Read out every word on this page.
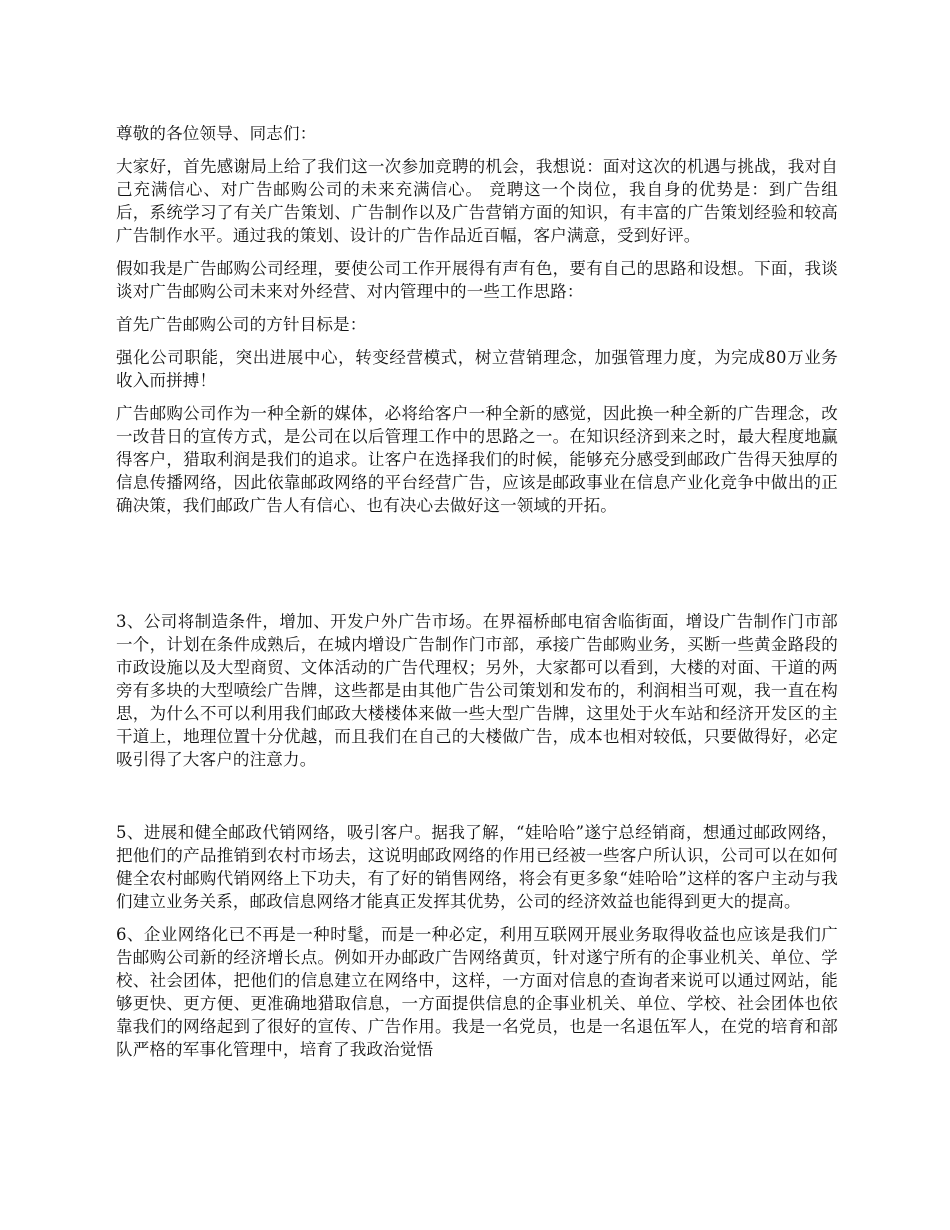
尊敬的各位领导、同志们：

大家好，首先感谢局上给了我们这一次参加竞聘的机会，我想说：面对这次的机遇与挑战，我对自己充满信心、对广告邮购公司的未来充满信心。 竞聘这一个岗位，我自身的优势是：到广告组后，系统学习了有关广告策划、广告制作以及广告营销方面的知识，有丰富的广告策划经验和较高广告制作水平。通过我的策划、设计的广告作品近百幅，客户满意，受到好评。

假如我是广告邮购公司经理，要使公司工作开展得有声有色，要有自己的思路和设想。下面，我谈谈对广告邮购公司未来对外经营、对内管理中的一些工作思路：

首先广告邮购公司的方针目标是：

强化公司职能，突出进展中心，转变经营模式，树立营销理念，加强管理力度，为完成80万业务收入而拼搏！

广告邮购公司作为一种全新的媒体，必将给客户一种全新的感觉，因此换一种全新的广告理念，改一改昔日的宣传方式，是公司在以后管理工作中的思路之一。在知识经济到来之时，最大程度地赢得客户，猎取利润是我们的追求。让客户在选择我们的时候，能够充分感受到邮政广告得天独厚的信息传播网络，因此依靠邮政网络的平台经营广告，应该是邮政事业在信息产业化竞争中做出的正确决策，我们邮政广告人有信心、也有决心去做好这一领域的开拓。

3、公司将制造条件，增加、开发户外广告市场。在界福桥邮电宿舍临街面，增设广告制作门市部一个，计划在条件成熟后，在城内增设广告制作门市部，承接广告邮购业务，买断一些黄金路段的市政设施以及大型商贸、文体活动的广告代理权；另外，大家都可以看到，大楼的对面、干道的两旁有多块的大型喷绘广告牌，这些都是由其他广告公司策划和发布的，利润相当可观，我一直在构思，为什么不可以利用我们邮政大楼楼体来做一些大型广告牌，这里处于火车站和经济开发区的主干道上，地理位置十分优越，而且我们在自己的大楼做广告，成本也相对较低，只要做得好，必定吸引得了大客户的注意力。

5、进展和健全邮政代销网络，吸引客户。据我了解，“娃哈哈”遂宁总经销商，想通过邮政网络，把他们的产品推销到农村市场去，这说明邮政网络的作用已经被一些客户所认识，公司可以在如何健全农村邮购代销网络上下功夫，有了好的销售网络，将会有更多象“娃哈哈”这样的客户主动与我们建立业务关系，邮政信息网络才能真正发挥其优势，公司的经济效益也能得到更大的提高。

6、企业网络化已不再是一种时髦，而是一种必定，利用互联网开展业务取得收益也应该是我们广告邮购公司新的经济增长点。例如开办邮政广告网络黄页，针对遂宁所有的企事业机关、单位、学校、社会团体，把他们的信息建立在网络中，这样，一方面对信息的查询者来说可以通过网站，能够更快、更方便、更准确地猎取信息，一方面提供信息的企事业机关、单位、学校、社会团体也依靠我们的网络起到了很好的宣传、广告作用。我是一名党员，也是一名退伍军人，在党的培育和部队严格的军事化管理中，培育了我政治觉悟
